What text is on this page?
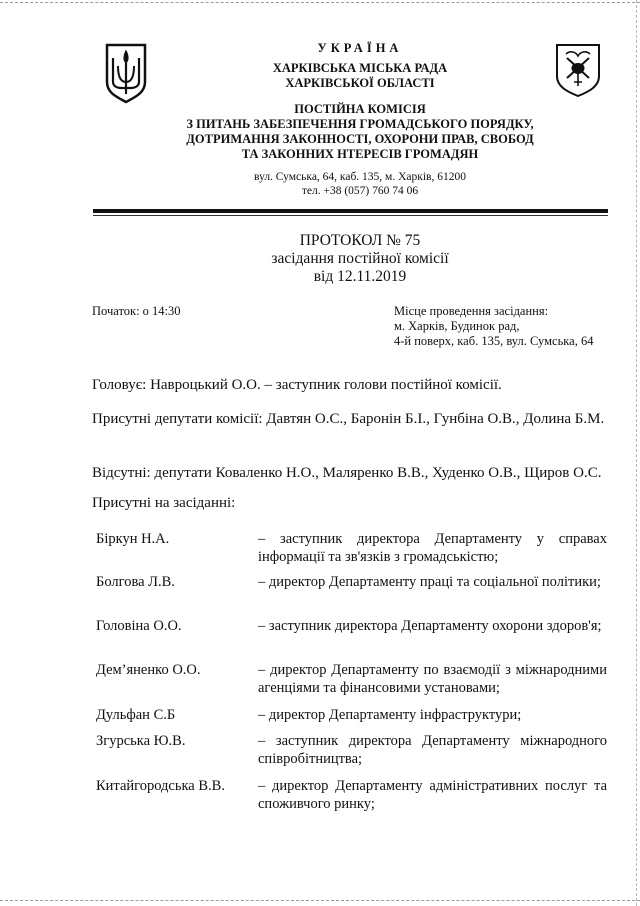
УКРАЇНА
ХАРКІВСЬКА МІСЬКА РАДА
ХАРКІВСЬКОЇ ОБЛАСТІ
ПОСТІЙНА КОМІСІЯ
З ПИТАНЬ ЗАБЕЗПЕЧЕННЯ ГРОМАДСЬКОГО ПОРЯДКУ,
ДОТРИМАННЯ ЗАКОННОСТІ, ОХОРОНИ ПРАВ, СВОБОД
ТА ЗАКОННИХ НТЕРЕСІВ ГРОМАДЯН
вул. Сумська, 64, каб. 135, м. Харків, 61200
тел. +38 (057) 760 74 06
ПРОТОКОЛ № 75
засідання постійної комісії
від 12.11.2019
Початок: о 14:30	Місце проведення засідання:
м. Харків, Будинок рад,
4-й поверх, каб. 135, вул. Сумська, 64
Головує: Навроцький О.О. – заступник голови постійної комісії.
Присутні депутати комісії: Давтян О.С., Баронін Б.І., Гунбіна О.В., Долина Б.М.
Відсутні: депутати Коваленко Н.О., Маляренко В.В., Худенко О.В., Щиров О.С.
Присутні на засіданні:
Біркун Н.А.	– заступник директора Департаменту у справах інформації та зв'язків з громадськістю;
Болгова Л.В.	– директор Департаменту праці та соціальної політики;
Головіна О.О.	– заступник директора Департаменту охорони здоров'я;
Дем’яненко О.О.	– директор Департаменту по взаємодії з міжнародними агенціями та фінансовими установами;
Дульфан С.Б	– директор Департаменту інфраструктури;
Згурська Ю.В.	– заступник директора Департаменту міжнародного співробітництва;
Китайгородська В.В. – директор Департаменту адміністративних послуг та споживчого ринку;
